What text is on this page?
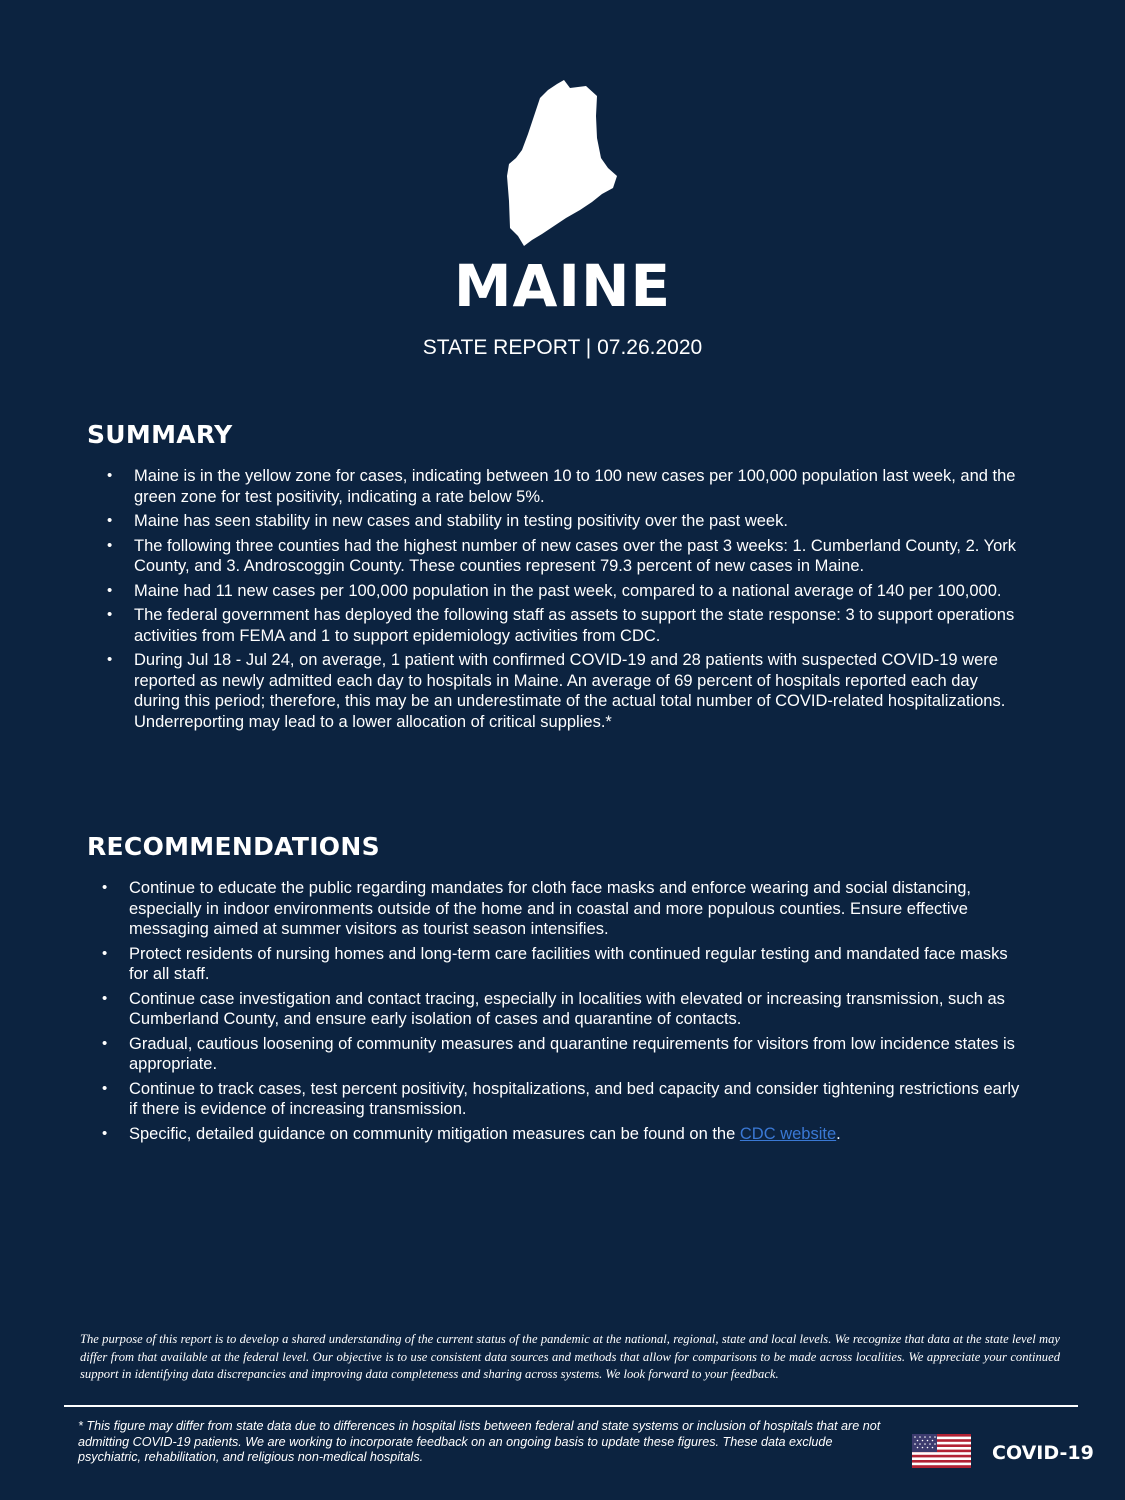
MAINE
STATE REPORT | 07.26.2020
SUMMARY
• Maine is in the yellow zone for cases, indicating between 10 to 100 new cases per 100,000 population last week, and the green zone for test positivity, indicating a rate below 5%.
• Maine has seen stability in new cases and stability in testing positivity over the past week.
• The following three counties had the highest number of new cases over the past 3 weeks: 1. Cumberland County, 2. York County, and 3. Androscoggin County. These counties represent 79.3 percent of new cases in Maine.
• Maine had 11 new cases per 100,000 population in the past week, compared to a national average of 140 per 100,000.
• The federal government has deployed the following staff as assets to support the state response: 3 to support operations activities from FEMA and 1 to support epidemiology activities from CDC.
• During Jul 18 - Jul 24, on average, 1 patient with confirmed COVID-19 and 28 patients with suspected COVID-19 were reported as newly admitted each day to hospitals in Maine. An average of 69 percent of hospitals reported each day during this period; therefore, this may be an underestimate of the actual total number of COVID-related hospitalizations. Underreporting may lead to a lower allocation of critical supplies.*
RECOMMENDATIONS
• Continue to educate the public regarding mandates for cloth face masks and enforce wearing and social distancing, especially in indoor environments outside of the home and in coastal and more populous counties. Ensure effective messaging aimed at summer visitors as tourist season intensifies.
• Protect residents of nursing homes and long-term care facilities with continued regular testing and mandated face masks for all staff.
• Continue case investigation and contact tracing, especially in localities with elevated or increasing transmission, such as Cumberland County, and ensure early isolation of cases and quarantine of contacts.
• Gradual, cautious loosening of community measures and quarantine requirements for visitors from low incidence states is appropriate.
• Continue to track cases, test percent positivity, hospitalizations, and bed capacity and consider tightening restrictions early if there is evidence of increasing transmission.
• Specific, detailed guidance on community mitigation measures can be found on the CDC website.
The purpose of this report is to develop a shared understanding of the current status of the pandemic at the national, regional, state and local levels. We recognize that data at the state level may differ from that available at the federal level. Our objective is to use consistent data sources and methods that allow for comparisons to be made across localities. We appreciate your continued support in identifying data discrepancies and improving data completeness and sharing across systems. We look forward to your feedback.
* This figure may differ from state data due to differences in hospital lists between federal and state systems or inclusion of hospitals that are not admitting COVID-19 patients. We are working to incorporate feedback on an ongoing basis to update these figures. These data exclude psychiatric, rehabilitation, and religious non-medical hospitals.	COVID-19
